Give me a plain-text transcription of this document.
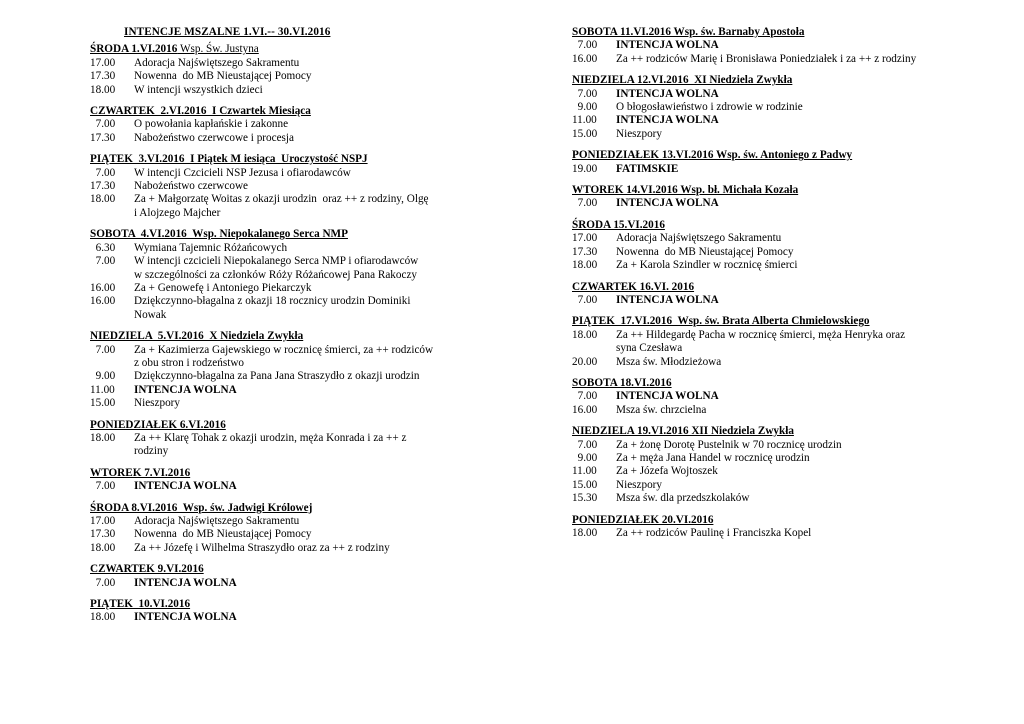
INTENCJE MSZALNE 1.VI.-- 30.VI.2016
ŚRODA 1.VI.2016 Wsp. Św. Justyna
17.00	Adoracja Najświętszego Sakramentu
17.30	Nowenna  do MB Nieustającej Pomocy
18.00	W intencji wszystkich dzieci
CZWARTEK  2.VI.2016  I Czwartek Miesiąca
7.00	O powołania kapłańskie i zakonne
17.30	Nabożeństwo czerwcowe i procesja
PIĄTEK  3.VI.2016  I Piątek M iesiąca  Uroczystość NSPJ
7.00	W intencji Czcicieli NSP Jezusa i ofiarodawców
17.30	Nabożeństwo czerwcowe
18.00	Za + Małgorzatę Woitas z okazji urodzin  oraz ++ z rodziny, Olgę
i Alojzego Majcher
SOBOTA  4.VI.2016  Wsp. Niepokalanego Serca NMP
6.30	Wymiana Tajemnic Różańcowych
7.00	W intencji czcicieli Niepokalanego Serca NMP i ofiarodawców
w szczególności za członków Róży Różańcowej Pana Rakoczy
16.00	Za + Genowefę i Antoniego Piekarczyk
16.00	Dziękczynno-błagalna z okazji 18 rocznicy urodzin Dominiki
Nowak
NIEDZIELA  5.VI.2016  X Niedziela Zwykła
7.00	Za + Kazimierza Gajewskiego w rocznicę śmierci, za ++ rodziców
z obu stron i rodzeństwo
9.00	Dziękczynno-błagalna za Pana Jana Straszydło z okazji urodzin
11.00	INTENCJA WOLNA
15.00	Nieszpory
PONIEDZIAŁEK 6.VI.2016
18.00	Za ++ Klarę Tohak z okazji urodzin, męża Konrada i za ++ z
rodziny
WTOREK 7.VI.2016
7.00	INTENCJA WOLNA
ŚRODA 8.VI.2016  Wsp. św. Jadwigi Królowej
17.00	Adoracja Najświętszego Sakramentu
17.30	Nowenna  do MB Nieustającej Pomocy
18.00	Za ++ Józefę i Wilhelma Straszydło oraz za ++ z rodziny
CZWARTEK 9.VI.2016
7.00	INTENCJA WOLNA
PIĄTEK  10.VI.2016
18.00	INTENCJA WOLNA
SOBOTA 11.VI.2016 Wsp. św. Barnaby Apostoła
7.00	INTENCJA WOLNA
16.00	Za ++ rodziców Marię i Bronisława Poniedziałek i za ++ z rodziny
NIEDZIELA 12.VI.2016  XI Niedziela Zwykła
7.00	INTENCJA WOLNA
9.00	O błogosławieństwo i zdrowie w rodzinie
11.00	INTENCJA WOLNA
15.00	Nieszpory
PONIEDZIAŁEK 13.VI.2016 Wsp. św. Antoniego z Padwy
19.00	FATIMSKIE
WTOREK 14.VI.2016 Wsp. bł. Michała Kozała
7.00	INTENCJA WOLNA
ŚRODA 15.VI.2016
17.00	Adoracja Najświętszego Sakramentu
17.30	Nowenna  do MB Nieustającej Pomocy
18.00	Za + Karola Szindler w rocznicę śmierci
CZWARTEK 16.VI. 2016
7.00	INTENCJA WOLNA
PIĄTEK  17.VI.2016  Wsp. św. Brata Alberta Chmielowskiego
18.00	Za ++ Hildegardę Pacha w rocznicę śmierci, męża Henryka oraz
syna Czesława
20.00	Msza św. Młodzieżowa
SOBOTA 18.VI.2016
7.00	INTENCJA WOLNA
16.00	Msza św. chrzcielna
NIEDZIELA 19.VI.2016 XII Niedziela Zwykła
7.00	Za + żonę Dorotę Pustelnik w 70 rocznicę urodzin
9.00	Za + męża Jana Handel w rocznicę urodzin
11.00	Za + Józefa Wojtoszek
15.00	Nieszpory
15.30	Msza św. dla przedszkolaków
PONIEDZIAŁEK 20.VI.2016
18.00	Za ++ rodziców Paulinę i Franciszka Kopel
